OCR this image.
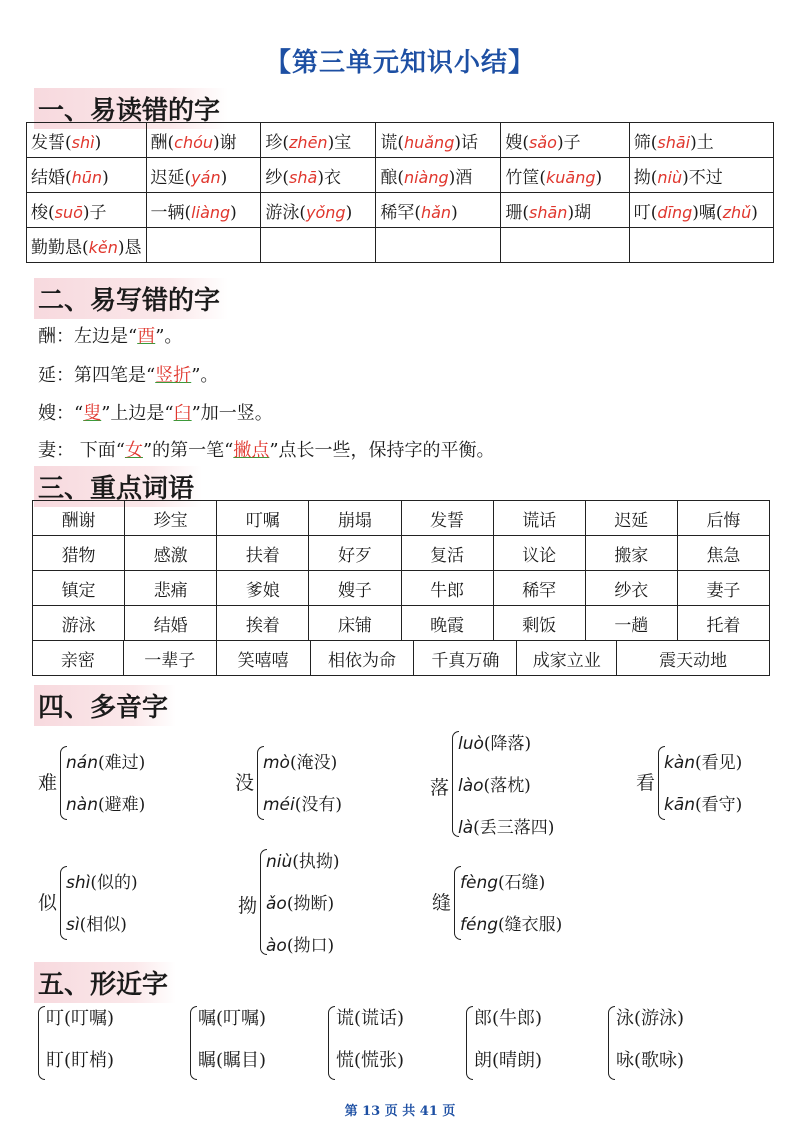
【第三单元知识小结】
一、易读错的字
发誓(shì)	酬(chóu)谢	珍(zhēn)宝	谎(huǎng)话	嫂(sǎo)子	筛(shāi)土
结婚(hūn)	迟延(yán)	纱(shā)衣	酿(niàng)酒	竹筐(kuāng)	拗(niù)不过
梭(suō)子	一辆(liàng)	游泳(yǒng)	稀罕(hǎn)	珊(shān)瑚	叮(dīng)嘱(zhǔ)
勤勤恳(kěn)恳					
二、易写错的字
酬：左边是“酉”。
延：第四笔是“竖折”。
嫂：“叟”上边是“臼”加一竖。
妻： 下面“女”的第一笔“撇点”点长一些，保持字的平衡。
三、重点词语
酬谢	珍宝	叮嘱	崩塌	发誓	谎话	迟延	后悔
猎物	感激	扶着	好歹	复活	议论	搬家	焦急
镇定	悲痛	爹娘	嫂子	牛郎	稀罕	纱衣	妻子
游泳	结婚	挨着	床铺	晚霞	剩饭	一趟	托着
亲密	一辈子	笑嘻嘻	相依为命	千真万确	成家立业	震天动地
四、多音字
难
nán(难过)
nàn(避难)
没
mò(淹没)
méi(没有)
落
luò(降落)
lào(落枕)
là(丢三落四)
看
kàn(看见)
kān(看守)
似
shì(似的)
sì(相似)
拗
niù(执拗)
ǎo(拗断)
ào(拗口)
缝
fèng(石缝)
féng(缝衣服)
五、形近字
叮(叮嘱)
盯(盯梢)
嘱(叮嘱)
瞩(瞩目)
谎(谎话)
慌(慌张)
郎(牛郎)
朗(晴朗)
泳(游泳)
咏(歌咏)
第 13 页 共 41 页
